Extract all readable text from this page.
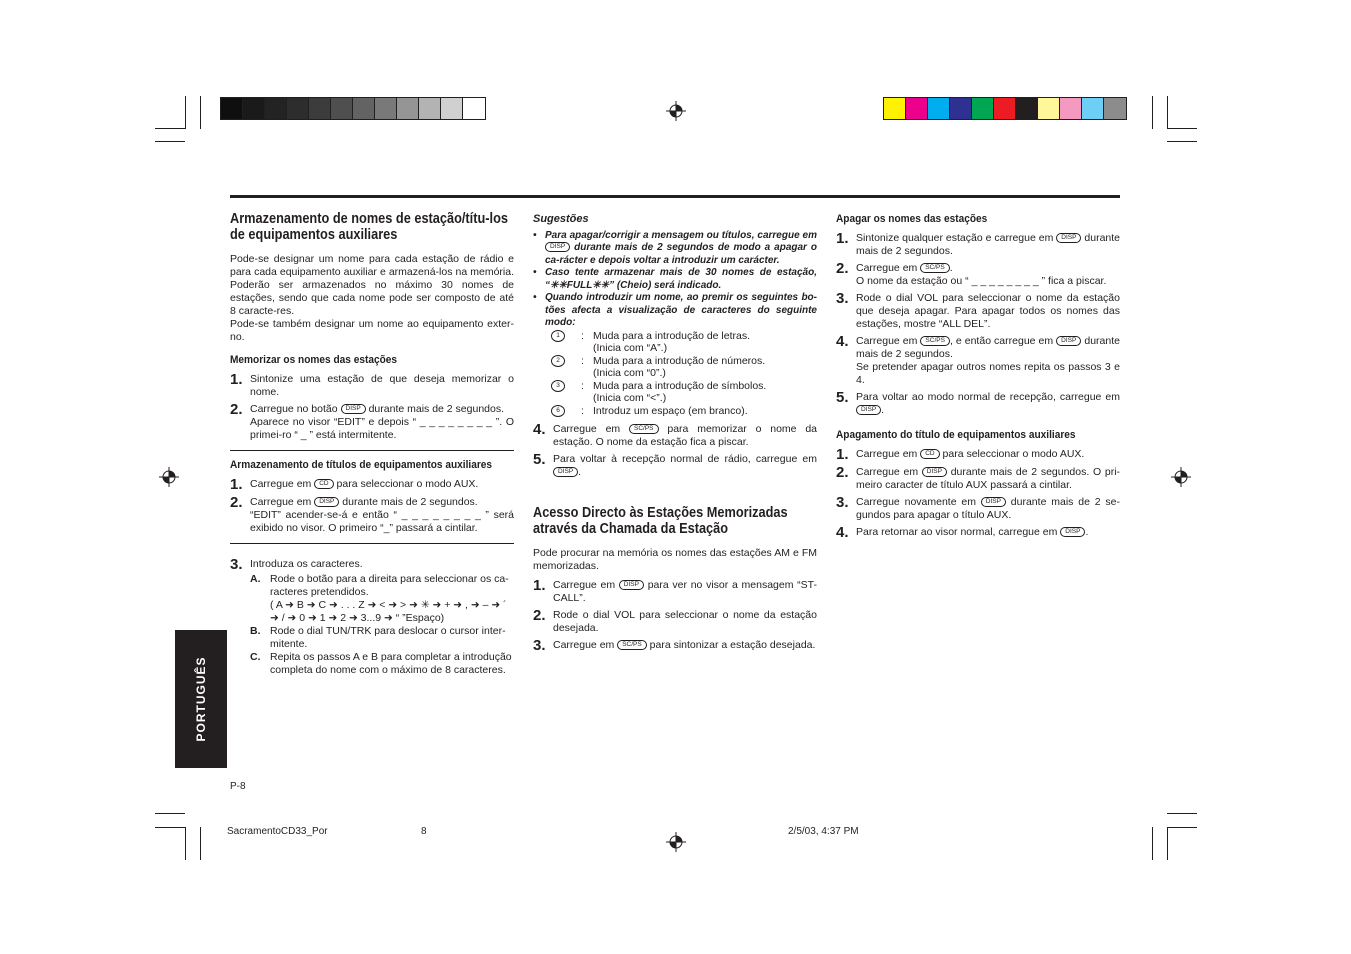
Armazenamento de nomes de estação/títu-los de equipamentos auxiliares

Pode-se designar um nome para cada estação de rádio e para cada equipamento auxiliar e armazená-los na memória. Poderão ser armazenados no máximo 30 nomes de estações, sendo que cada nome pode ser composto de até 8 caracte-res.

Pode-se também designar um nome ao equipamento exter-no.

Memorizar os nomes das estações
1. Sintonize uma estação de que deseja memorizar o nome.
2. Carregue no botão DISP durante mais de 2 segundos.
Aparece no visor “EDIT” e depois “ _ _ _ _ _ _ _ _ ”. O primei-ro “ _ ” está intermitente.
Armazenamento de títulos de equipamentos auxiliares
1. Carregue em CD para seleccionar o modo AUX.
2. Carregue em DISP durante mais de 2 segundos.
“EDIT” acender-se-á e então “ _ _ _ _ _ _ _ _ ” será exibido no visor. O primeiro “_” passará a cintilar.
3. Introduza os caracteres.
A. Rode o botão para a direita para seleccionar os ca-racteres pretendidos.
( A ➜ B ➜ C ➜ . . . Z ➜ < ➜ > ➜ ✳ ➜ + ➜ , ➜ – ➜ ´ ➜ / ➜ 0 ➜ 1 ➜ 2 ➜ 3...9 ➜ “ ”Espaço)
B. Rode o dial TUN/TRK para deslocar o cursor inter-mitente.
C. Repita os passos A e B para completar a introdução completa do nome com o máximo de 8 caracteres.
Sugestões
• Para apagar/corrigir a mensagem ou títulos, carregue em DISP durante mais de 2 segundos de modo a apagar o ca-rácter e depois voltar a introduzir um carácter.
• Caso tente armazenar mais de 30 nomes de estação, “✳✳FULL✳✳” (Cheio) será indicado.
• Quando introduzir um nome, ao premir os seguintes bo-tões afecta a visualização de caracteres do seguinte modo:
1	: Muda para a introdução de letras.
(Inicia com “A”.)
2	: Muda para a introdução de números.
(Inicia com “0”.)
3	: Muda para a introdução de símbolos.
(Inicia com “<”.)
6	: Introduz um espaço (em branco).
4. Carregue em SC/PS para memorizar o nome da estação. O nome da estação fica a piscar.
5. Para voltar à recepção normal de rádio, carregue em DISP .
Acesso Directo às Estações Memorizadas através da Chamada da Estação

Pode procurar na memória os nomes das estações AM e FM memorizadas.

1. Carregue em DISP para ver no visor a mensagem “ST-CALL”.
2. Rode o dial VOL para seleccionar o nome da estação desejada.
3. Carregue em SC/PS para sintonizar a estação desejada.
Apagar os nomes das estações
1. Sintonize qualquer estação e carregue em DISP durante mais de 2 segundos.
2. Carregue em SC/PS .
O nome da estação ou “ _ _ _ _ _ _ _ _ ” fica a piscar.
3. Rode o dial VOL para seleccionar o nome da estação que deseja apagar. Para apagar todos os nomes das estações, mostre “ALL DEL”.
4. Carregue em SC/PS , e então carregue em DISP durante mais de 2 segundos.
Se pretender apagar outros nomes repita os passos 3 e 4.
5. Para voltar ao modo normal de recepção, carregue em DISP .
Apagamento do título de equipamentos auxiliares
1. Carregue em CD para seleccionar o modo AUX.
2. Carregue em DISP durante mais de 2 segundos. O pri-meiro caracter de título AUX passará a cintilar.
3. Carregue novamente em DISP durante mais de 2 se-gundos para apagar o título AUX.
4. Para retornar ao visor normal, carregue em DISP .
PORTUGUÊS
P-8
SacramentoCD33_Por	8	2/5/03, 4:37 PM
